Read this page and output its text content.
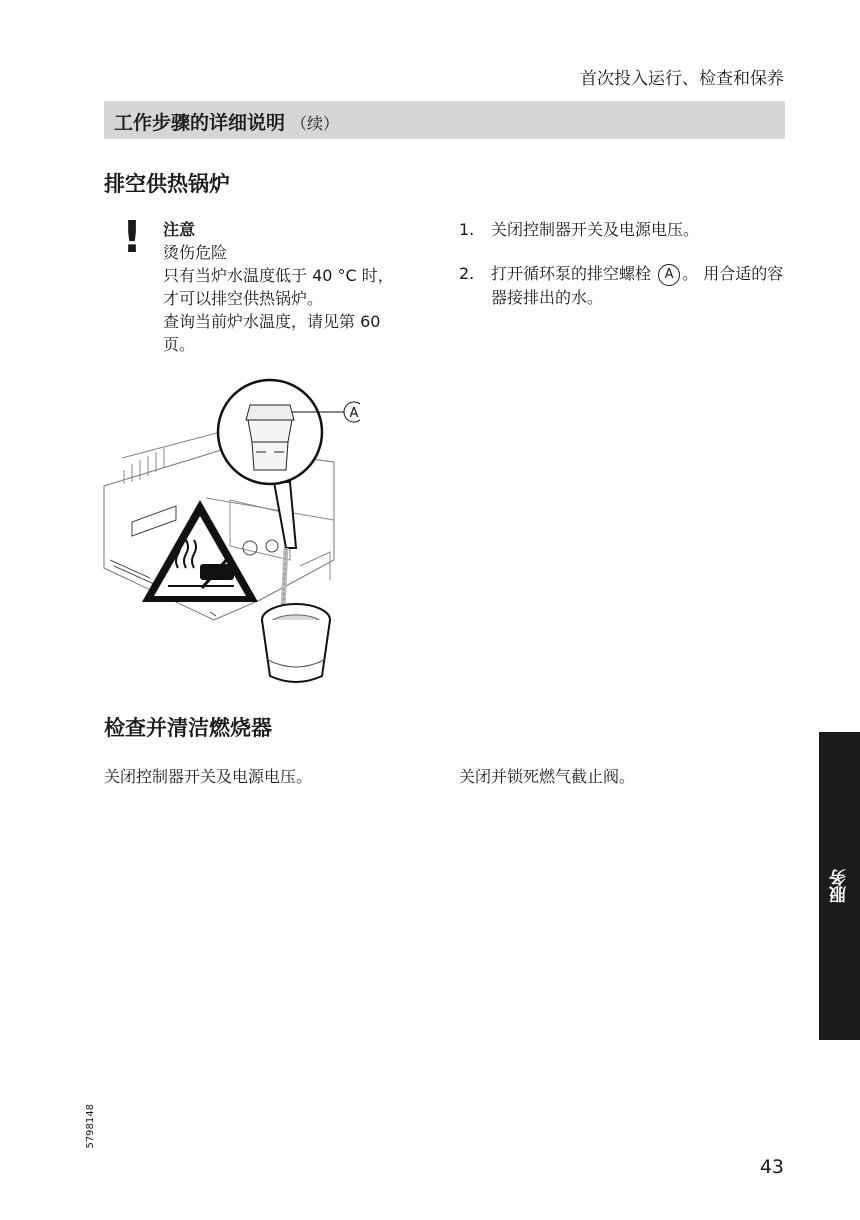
首次投入运行、检查和保养
工作步骤的详细说明 （续）
排空供热锅炉
! 注意
烫伤危险
只有当炉水温度低于 40 °C 时，
才可以排空供热锅炉。
查询当前炉水温度，请见第 60
页。
1.	关闭控制器开关及电源电压。
2.	打开循环泵的排空螺栓 A 。 用合适的容器接排出的水。
A
检查并清洁燃烧器
关闭控制器开关及电源电压。	关闭并锁死燃气截止阀。
服务
5798148
43
